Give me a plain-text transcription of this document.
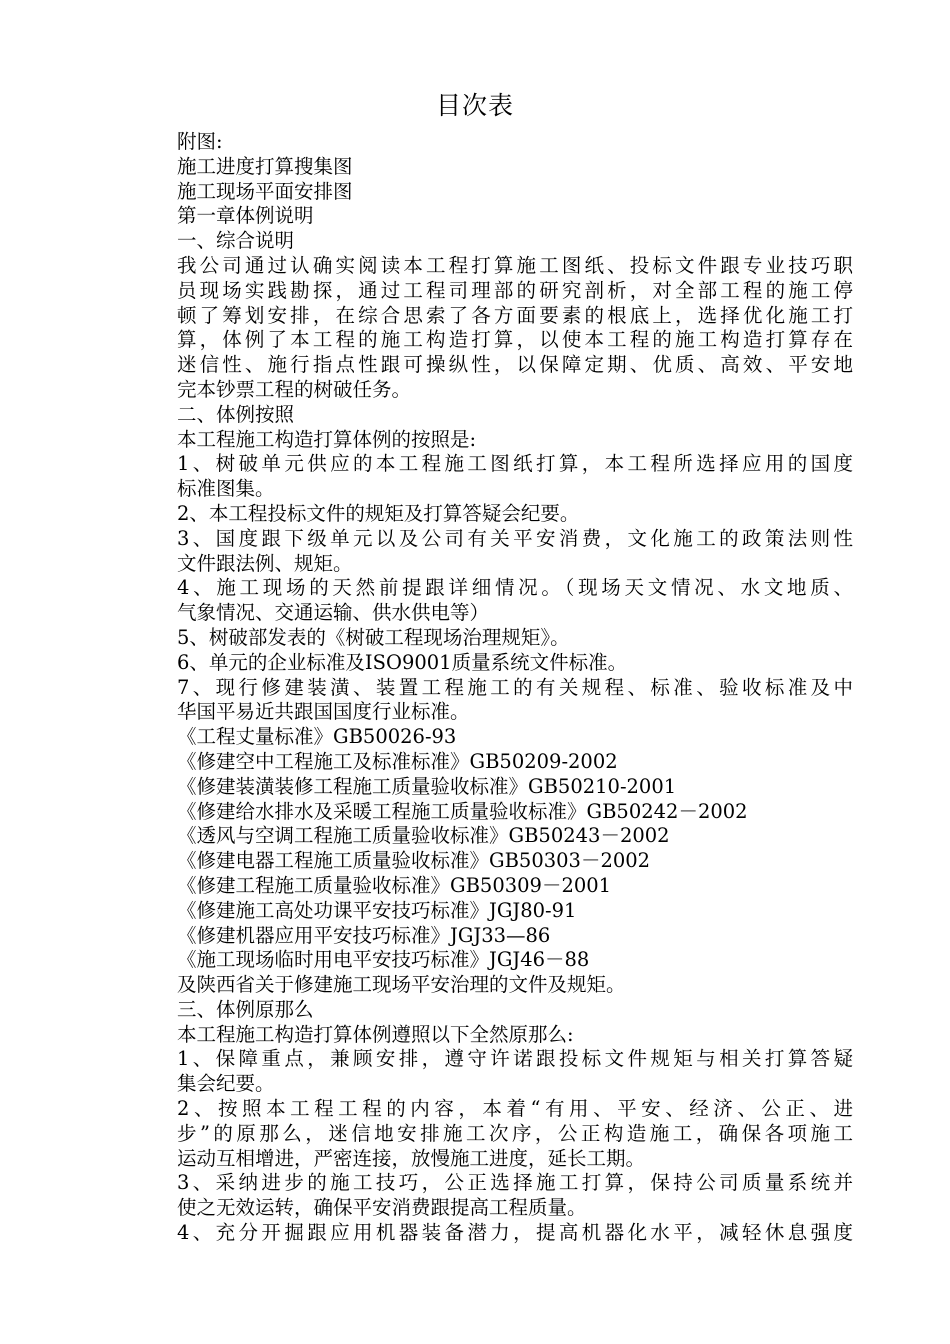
目次表
附图:
施工进度打算搜集图
施工现场平面安排图
第一章体例说明
一、综合说明
我公司通过认确实阅读本工程打算施工图纸、投标文件跟专业技巧职
员现场实践勘探，通过工程司理部的研究剖析，对全部工程的施工停
顿了筹划安排，在综合思索了各方面要素的根底上，选择优化施工打
算，体例了本工程的施工构造打算，以使本工程的施工构造打算存在
迷信性、施行指点性跟可操纵性，以保障定期、优质、高效、平安地
完本钞票工程的树破任务。
二、体例按照
本工程施工构造打算体例的按照是:
1、树破单元供应的本工程施工图纸打算，本工程所选择应用的国度
标准图集。
2、本工程投标文件的规矩及打算答疑会纪要。
3、国度跟下级单元以及公司有关平安消费，文化施工的政策法则性
文件跟法例、规矩。
4、施工现场的天然前提跟详细情况。（现场天文情况、水文地质、
气象情况、交通运输、供水供电等）
5、树破部发表的《树破工程现场治理规矩》。
6、单元的企业标准及ISO9001质量系统文件标准。
7、现行修建装潢、装置工程施工的有关规程、标准、验收标准及中
华国平易近共跟国国度行业标准。
《工程丈量标准》GB50026-93
《修建空中工程施工及标准标准》GB50209-2002
《修建装潢装修工程施工质量验收标准》GB50210-2001
《修建给水排水及采暖工程施工质量验收标准》GB50242－2002
《透风与空调工程施工质量验收标准》GB50243－2002
《修建电器工程施工质量验收标准》GB50303－2002
《修建工程施工质量验收标准》GB50309－2001
《修建施工高处功课平安技巧标准》JGJ80-91
《修建机器应用平安技巧标准》JGJ33—86
《施工现场临时用电平安技巧标准》JGJ46－88
及陕西省关于修建施工现场平安治理的文件及规矩。
三、体例原那么
本工程施工构造打算体例遵照以下全然原那么:
1、保障重点，兼顾安排，遵守许诺跟投标文件规矩与相关打算答疑
集会纪要。
2、按照本工程工程的内容，本着“有用、平安、经济、公正、进
步”的原那么，迷信地安排施工次序，公正构造施工，确保各项施工
运动互相增进，严密连接，放慢施工进度，延长工期。
3、采纳进步的施工技巧，公正选择施工打算，保持公司质量系统并
使之无效运转，确保平安消费跟提高工程质量。
4、充分开掘跟应用机器装备潜力，提高机器化水平，减轻休息强度
